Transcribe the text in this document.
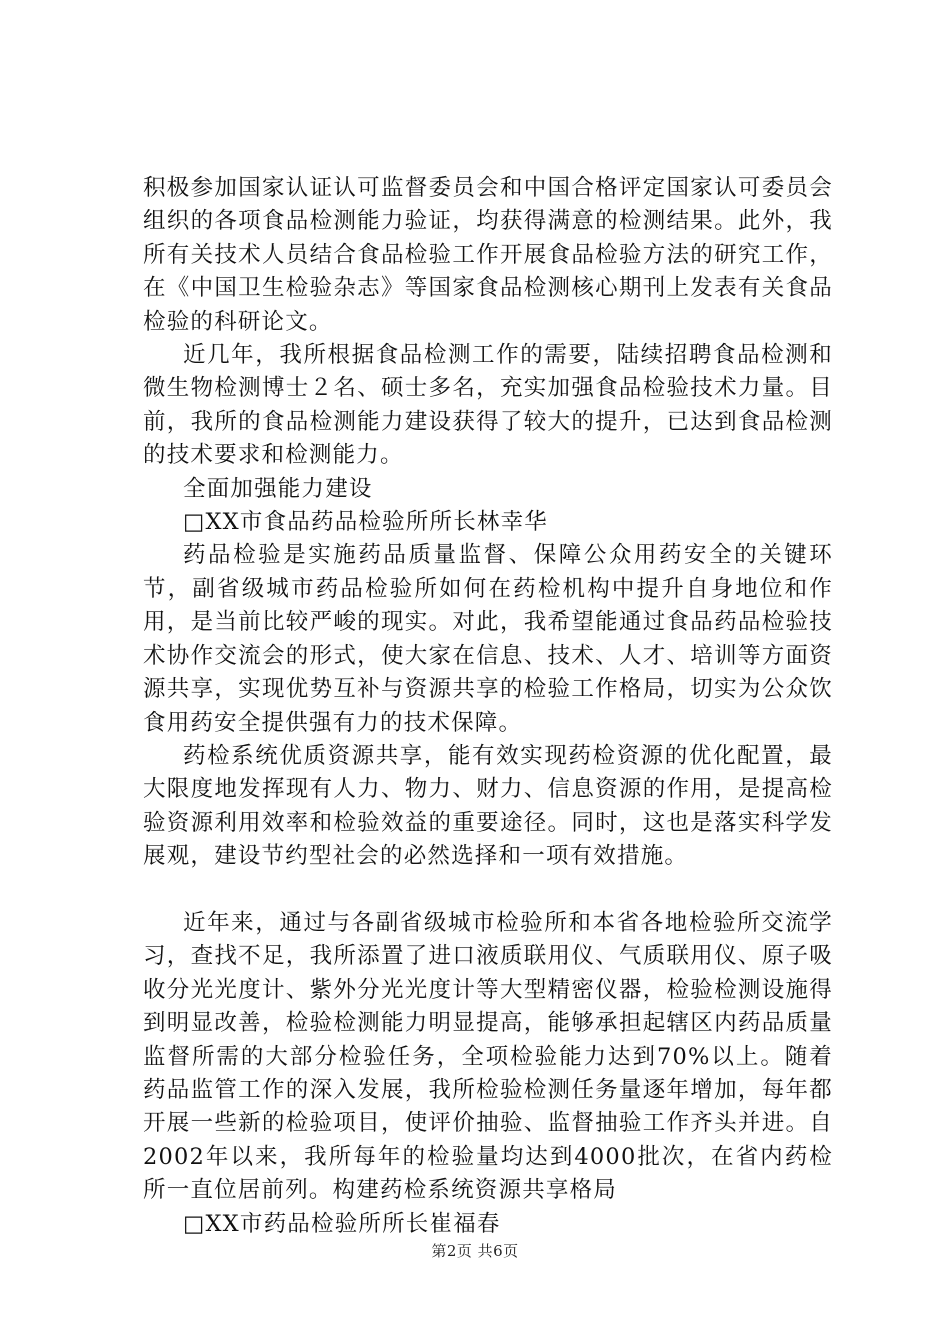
积极参加国家认证认可监督委员会和中国合格评定国家认可委员会组织的各项食品检测能力验证，均获得满意的检测结果。此外，我所有关技术人员结合食品检验工作开展食品检验方法的研究工作，在《中国卫生检验杂志》等国家食品检测核心期刊上发表有关食品检验的科研论文。

近几年，我所根据食品检测工作的需要，陆续招聘食品检测和微生物检测博士２名、硕士多名，充实加强食品检验技术力量。目前，我所的食品检测能力建设获得了较大的提升，已达到食品检测的技术要求和检测能力。

全面加强能力建设

□XX市食品药品检验所所长林幸华

药品检验是实施药品质量监督、保障公众用药安全的关键环节，副省级城市药品检验所如何在药检机构中提升自身地位和作用，是当前比较严峻的现实。对此，我希望能通过食品药品检验技术协作交流会的形式，使大家在信息、技术、人才、培训等方面资源共享，实现优势互补与资源共享的检验工作格局，切实为公众饮食用药安全提供强有力的技术保障。

药检系统优质资源共享，能有效实现药检资源的优化配置，最大限度地发挥现有人力、物力、财力、信息资源的作用，是提高检验资源利用效率和检验效益的重要途径。同时，这也是落实科学发展观，建设节约型社会的必然选择和一项有效措施。

近年来，通过与各副省级城市检验所和本省各地检验所交流学习，查找不足，我所添置了进口液质联用仪、气质联用仪、原子吸收分光光度计、紫外分光光度计等大型精密仪器，检验检测设施得到明显改善，检验检测能力明显提高，能够承担起辖区内药品质量监督所需的大部分检验任务，全项检验能力达到70%以上。随着药品监管工作的深入发展，我所检验检测任务量逐年增加，每年都开展一些新的检验项目，使评价抽验、监督抽验工作齐头并进。自2002年以来，我所每年的检验量均达到4000批次，在省内药检所一直位居前列。构建药检系统资源共享格局

□XX市药品检验所所长崔福春

第2页 共6页
